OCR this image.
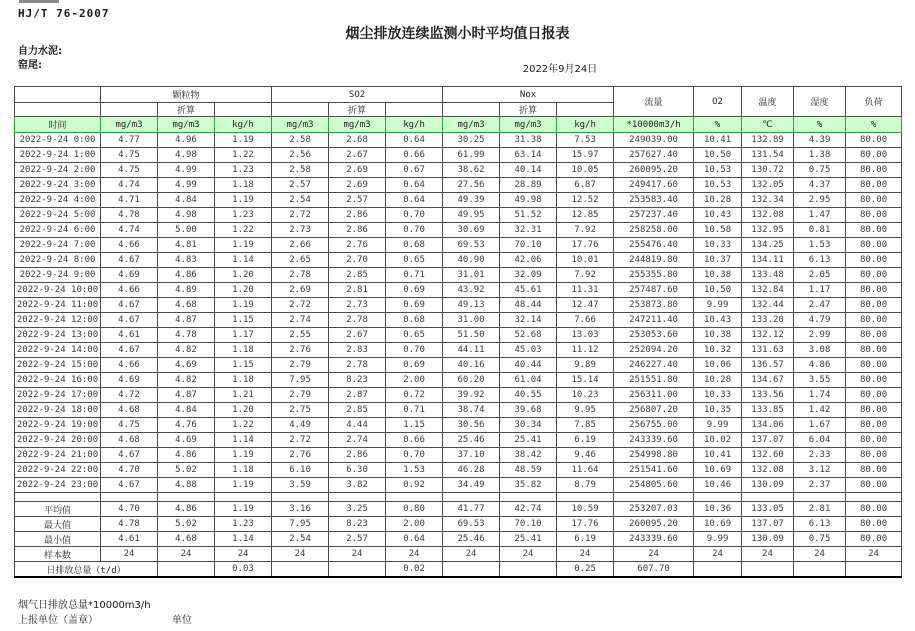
HJ/T 76-2007
烟尘排放连续监测小时平均值日报表
自力水泥:
窑尾:	2022年9月24日
	颗粒物			SO2			Nox			流量	O2	温度	湿度	负荷
		折算			折算			折算						
时间	mg/m3	mg/m3	kg/h	mg/m3	mg/m3	kg/h	mg/m3	mg/m3	kg/h	*10000m3/h	%	℃	%	%
2022-9-24 0:00	4.77	4.96	1.19	2.58	2.68	0.64	30.25	31.38	7.53	249039.00	10.41	132.89	4.39	80.00
2022-9-24 1:00	4.75	4.98	1.22	2.56	2.67	0.66	61.99	63.14	15.97	257627.40	10.50	131.54	1.38	80.00
2022-9-24 2:00	4.75	4.99	1.23	2.58	2.69	0.67	38.62	40.14	10.05	260095.20	10.53	130.72	0.75	80.00
2022-9-24 3:00	4.74	4.99	1.18	2.57	2.69	0.64	27.56	28.89	6.87	249417.60	10.53	132.05	4.37	80.00
2022-9-24 4:00	4.71	4.84	1.19	2.54	2.57	0.64	49.39	49.98	12.52	253583.40	10.28	132.34	2.95	80.00
2022-9-24 5:00	4.78	4.98	1.23	2.72	2.86	0.70	49.95	51.52	12.85	257237.40	10.43	132.08	1.47	80.00
2022-9-24 6:00	4.74	5.00	1.22	2.73	2.86	0.70	30.69	32.31	7.92	258258.00	10.58	132.95	0.81	80.00
2022-9-24 7:00	4.66	4.81	1.19	2.66	2.76	0.68	69.53	70.10	17.76	255476.40	10.33	134.25	1.53	80.00
2022-9-24 8:00	4.67	4.83	1.14	2.65	2.70	0.65	40.90	42.06	10.01	244819.80	10.37	134.11	6.13	80.00
2022-9-24 9:00	4.69	4.86	1.20	2.78	2.85	0.71	31.01	32.09	7.92	255355.80	10.38	133.48	2.05	80.00
2022-9-24 10:00	4.66	4.89	1.20	2.69	2.81	0.69	43.92	45.61	11.31	257487.60	10.50	132.84	1.17	80.00
2022-9-24 11:00	4.67	4.68	1.19	2.72	2.73	0.69	49.13	48.44	12.47	253873.80	9.99	132.44	2.47	80.00
2022-9-24 12:00	4.67	4.87	1.15	2.74	2.78	0.68	31.00	32.14	7.66	247211.40	10.43	133.20	4.79	80.00
2022-9-24 13:00	4.61	4.78	1.17	2.55	2.67	0.65	51.50	52.68	13.03	253053.60	10.38	132.12	2.99	80.00
2022-9-24 14:00	4.67	4.82	1.18	2.76	2.83	0.70	44.11	45.03	11.12	252094.20	10.32	131.63	3.08	80.00
2022-9-24 15:00	4.66	4.69	1.15	2.79	2.78	0.69	40.16	40.44	9.89	246227.40	10.06	136.57	4.86	80.00
2022-9-24 16:00	4.69	4.82	1.18	7.95	8.23	2.00	60.20	61.04	15.14	251551.80	10.28	134.67	3.55	80.00
2022-9-24 17:00	4.72	4.87	1.21	2.79	2.87	0.72	39.92	40.55	10.23	256311.00	10.33	133.56	1.74	80.00
2022-9-24 18:00	4.68	4.84	1.20	2.75	2.85	0.71	38.74	39.68	9.95	256807.20	10.35	133.85	1.42	80.00
2022-9-24 19:00	4.75	4.76	1.22	4.49	4.44	1.15	30.56	30.34	7.85	256755.00	9.99	134.06	1.67	80.00
2022-9-24 20:00	4.68	4.69	1.14	2.72	2.74	0.66	25.46	25.41	6.19	243339.60	10.02	137.07	6.04	80.00
2022-9-24 21:00	4.67	4.86	1.19	2.76	2.86	0.70	37.10	38.42	9.46	254998.80	10.41	132.60	2.33	80.00
2022-9-24 22:00	4.70	5.02	1.18	6.10	6.30	1.53	46.28	48.59	11.64	251541.60	10.69	132.08	3.12	80.00
2022-9-24 23:00	4.67	4.88	1.19	3.59	3.82	0.92	34.49	35.82	8.79	254805.60	10.46	130.09	2.37	80.00

平均值	4.70	4.86	1.19	3.16	3.25	0.80	41.77	42.74	10.59	253207.03	10.36	133.05	2.81	80.00
最大值	4.78	5.02	1.23	7.95	8.23	2.00	69.53	70.10	17.76	260095.20	10.69	137.07	6.13	80.00
最小值	4.61	4.68	1.14	2.54	2.57	0.64	25.46	25.41	6.19	243339.60	9.99	130.09	0.75	80.00
样本数	24	24	24	24	24	24	24	24	24	24	24	24	24	24
日排放总量（t/d）			0.03			0.02			0.25	607.70				
烟气日排放总量*10000m3/h
上报单位（盖章）	单位
